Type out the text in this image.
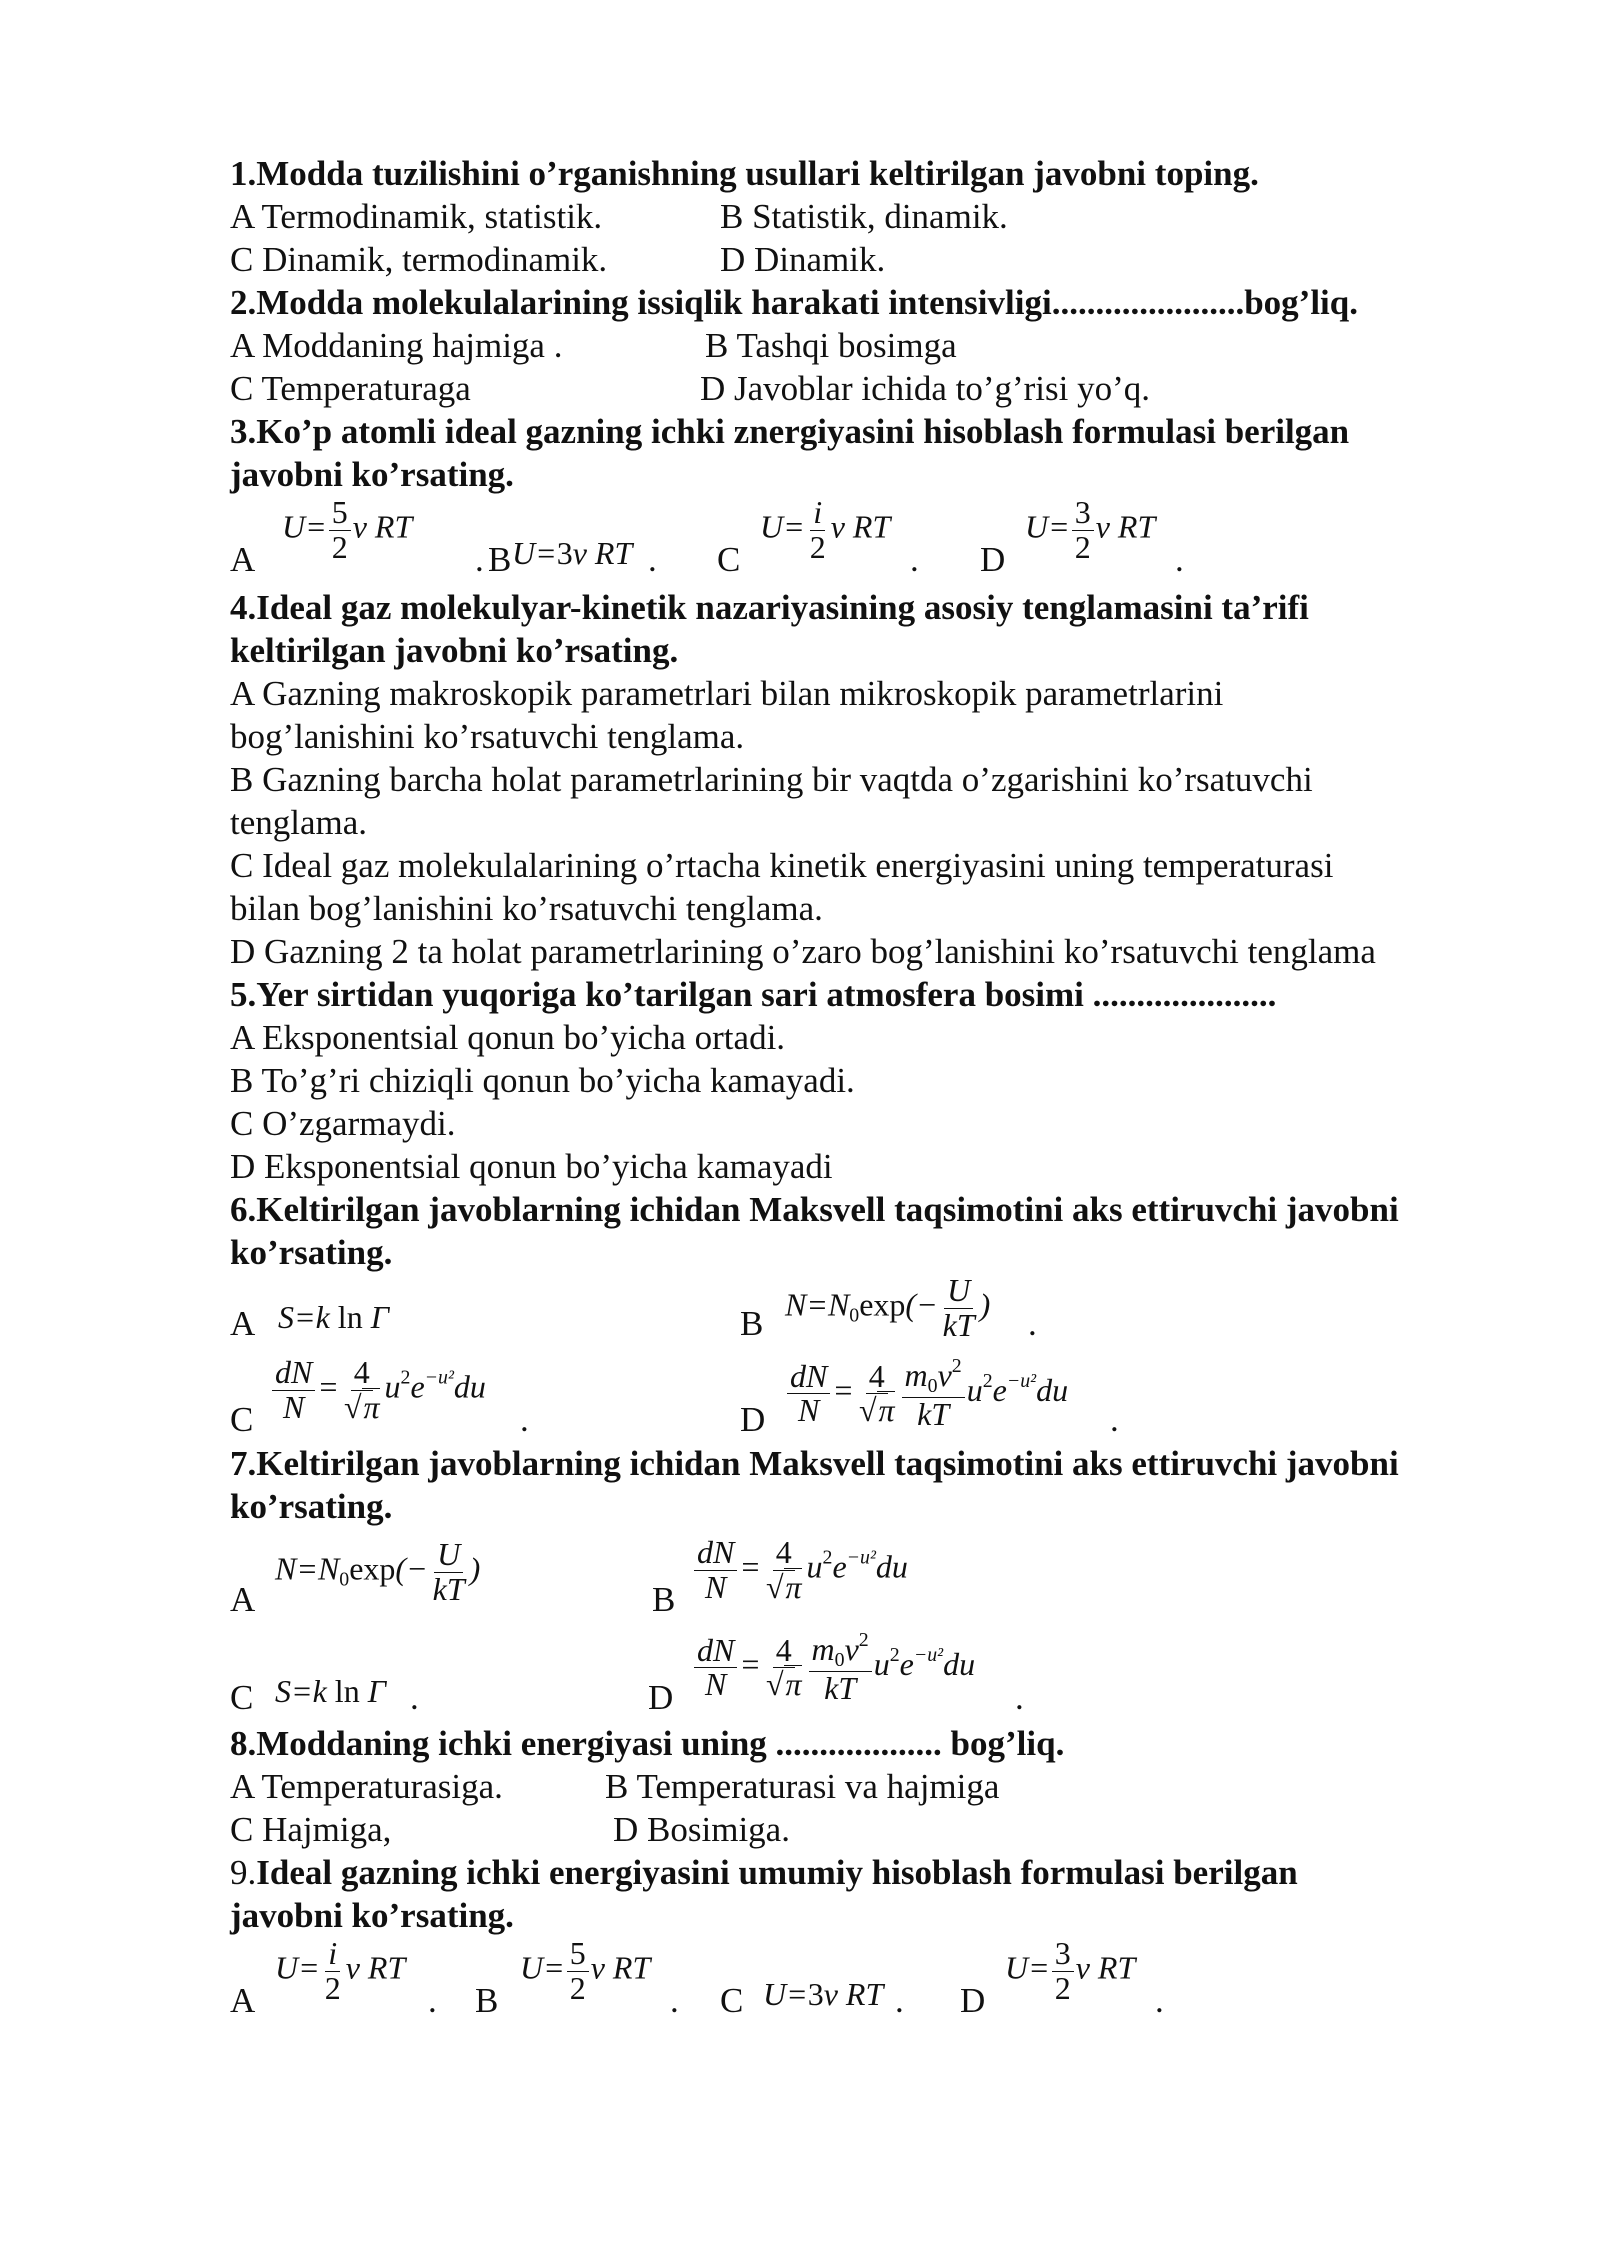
1.Modda tuzilishini o’rganishning usullari keltirilgan javobni toping.
A Termodinamik, statistik.	B Statistik, dinamik.
C Dinamik, termodinamik.	D Dinamik.
2.Modda molekulalarining issiqlik harakati intensivligi......................bog’liq.
A Moddaning hajmiga .	B Tashqi bosimga
C Temperaturaga	D Javoblar ichida to’g’risi yo’q.
3.Ko’p atomli ideal gazning ichki znergiyasini hisoblash formulasi berilgan
javobni ko’rsating.
A
$U= \frac{5}{2}$ ν RT
. B U=3ν RT . C
$U= \frac{i}{2}$ ν RT
. D
$U= \frac{3}{2}$ ν RT
.
4.Ideal gaz molekulyar-kinetik nazariyasining asosiy tenglamasini ta’rifi
keltirilgan javobni ko’rsating.
A Gazning makroskopik parametrlari bilan mikroskopik parametrlarini
bog’lanishini ko’rsatuvchi tenglama.
B Gazning barcha holat parametrlarining bir vaqtda o’zgarishini ko’rsatuvchi
tenglama.
C Ideal gaz molekulalarining o’rtacha kinetik energiyasini uning temperaturasi
bilan bog’lanishini ko’rsatuvchi tenglama.
D Gazning 2 ta holat parametrlarining o’zaro bog’lanishini ko’rsatuvchi tenglama
5.Yer sirtidan yuqoriga ko’tarilgan sari atmosfera bosimi .....................
A Eksponentsial qonun bo’yicha ortadi.
B To’g’ri chiziqli qonun bo’yicha kamayadi.
C O’zgarmaydi.
D Eksponentsial qonun bo’yicha kamayadi
6.Keltirilgan javoblarning ichidan Maksvell taqsimotini aks ettiruvchi javobni
ko’rsating.
A S=k ln Γ	B $N=N_0\exp(- \frac{U}{kT}$ ) .
C $\frac{dN}{N} = \frac{4}{√\pi} u^2e^{-u^2}du$
.	D $\frac{dN}{N} = \frac{4}{√\pi} \frac{m_0v^2}{kT} u^2e^{-u^2}du$
.
7.Keltirilgan javoblarning ichidan Maksvell taqsimotini aks ettiruvchi javobni
ko’rsating.
A
$N=N_0\exp(- \frac{U}{kT}$ )
B $\frac{dN}{N} = \frac{4}{√\pi} u^2e^{-u^2}du$
C S=k ln Γ .	D $\frac{dN}{N} = \frac{4}{√\pi} \frac{m_0v^2}{kT} u^2e^{-u^2}du$
.
8.Moddaning ichki energiyasi uning ................... bog’liq.
A Temperaturasiga.	B Temperaturasi va hajmiga
C Hajmiga,	D Bosimiga.
9.Ideal gazning ichki energiyasini umumiy hisoblash formulasi berilgan
javobni ko’rsating.
A
$U= \frac{i}{2}$ ν RT
. B
$U= \frac{5}{2}$ ν RT
. C U=3ν RT . D
$U= \frac{3}{2}$ ν RT
.
